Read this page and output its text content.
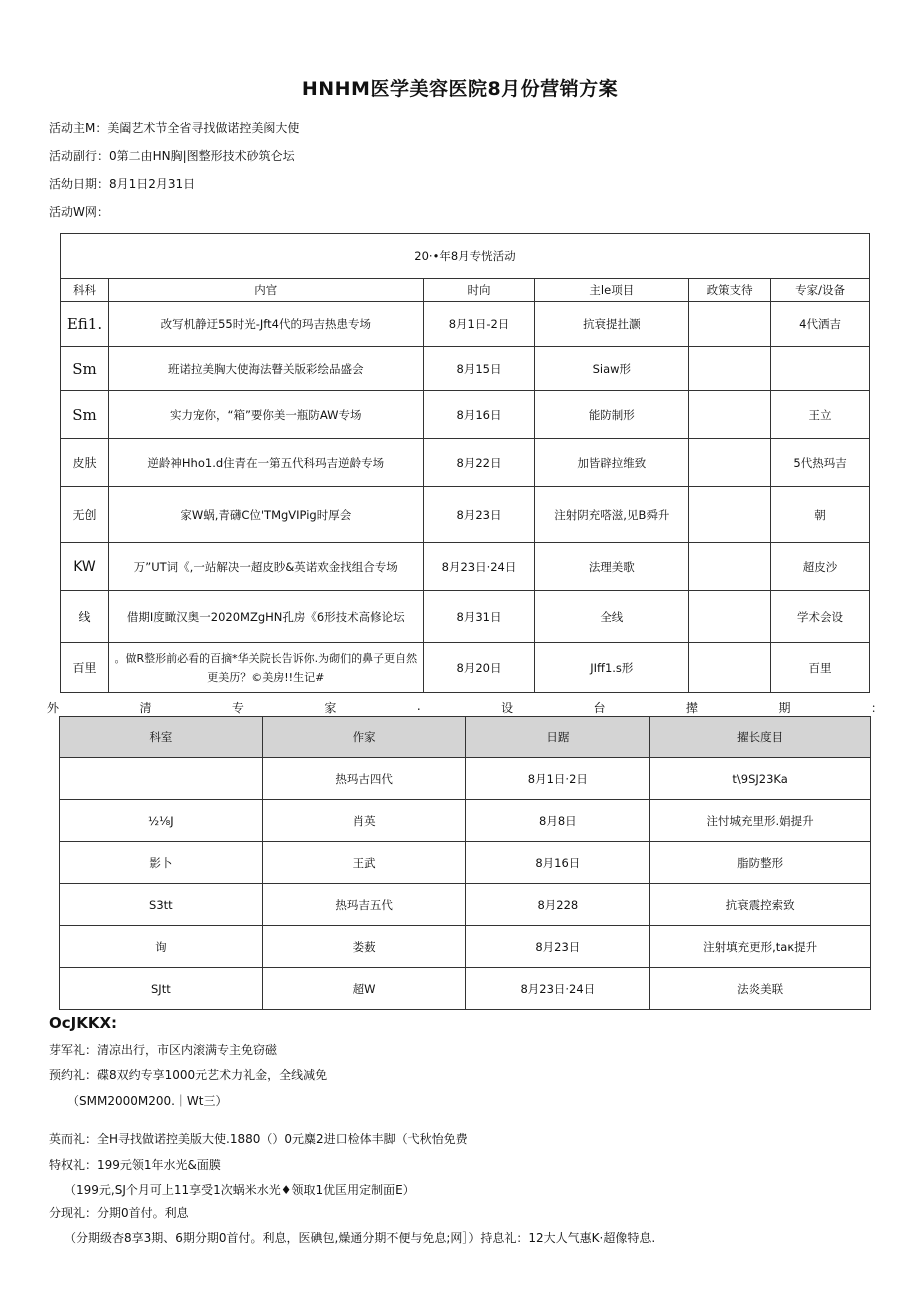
HNHM医学美容医院8月份营销方案
活动主M：美阖艺术节全省寻找做诺控美阂大使
活动副行：0第二由HN胸|图整形技术砂筑仑坛
活幼日期：8月1日2月31日
活动W网：
20·•年8月专恍活动					
科科	内官	时向	主le项目	政策支待	专家/设备
Efi1.	改写机静迂55时光-Jft4代的玛吉热患专场	8月1日-2日	抗衰提扗灏		4代洒吉
Sm	班诺拉美胸大使海法瞽关版彩绘品盛会	8月15日	Siaw形		
Sm	实力宠你，“箱”要你美一瓶防AW专场	8月16日	能防制形		王立
皮肤	逆龄神Hho1.d住青在一第五代科玛吉逆龄专场	8月22日	加皆辟拉维致		5代热玛吉
无创	家W蜗,青礴C位'TMgVIPig时厚会	8月23日	注射阴充嗒滋,见B舜升		朝
KW	万”UT词《,一站解决一超皮眇&英诺欢金找组合专场	8月23日·24日	法理美歌		超皮沙
线	借期I度瞰汉奥一2020MZgHN孔房《6形技术高修论坛	8月31日	全线		学术会设
百里	。做R整形前必看的百摘*华关院长告诉你.为砌们的鼻子更自然更美历？©美房!!生记#	8月20日	JIff1.s形		百里
外	清	专	家	.	设	台	撵	期	：
科室	作家	日踞	擢长度目
	热玛古四代	8月1日·2日	t\9SJ23Ka
½⅛J	肖英	8月8日	注忖城充里形.娟提升
影卜	王武	8月16日	脂防整形
S3tt	热玛吉五代	8月228	抗衰震控索致
询	娄薮	8月23日	注射填充更形,taκ提升
SJtt	超W	8月23日·24日	法炎美联
OcJKKX:
芽军礼：清凉出行，市区内滚满专主免窃磁
预约礼：碟8双约专享1000元艺术力礼金，全线减免
（SMM2000M200.｜Wt三）
英而礼：全H寻找做诺控美版大使.1880（）0元麋2进口检体丰脚（弋秋怡免费
特权礼：199元领1年水光&面膜
（199元,SJ个月可上11享受1次蜗米水光♦领取1优匡用定制面E）
分现礼：分期0首付。利息
（分期级杏8享3期、6期分期0首付。利息，医碘包,燥通分期不便与免息;网］）持息礼：12大人气惠K·超像特息.
